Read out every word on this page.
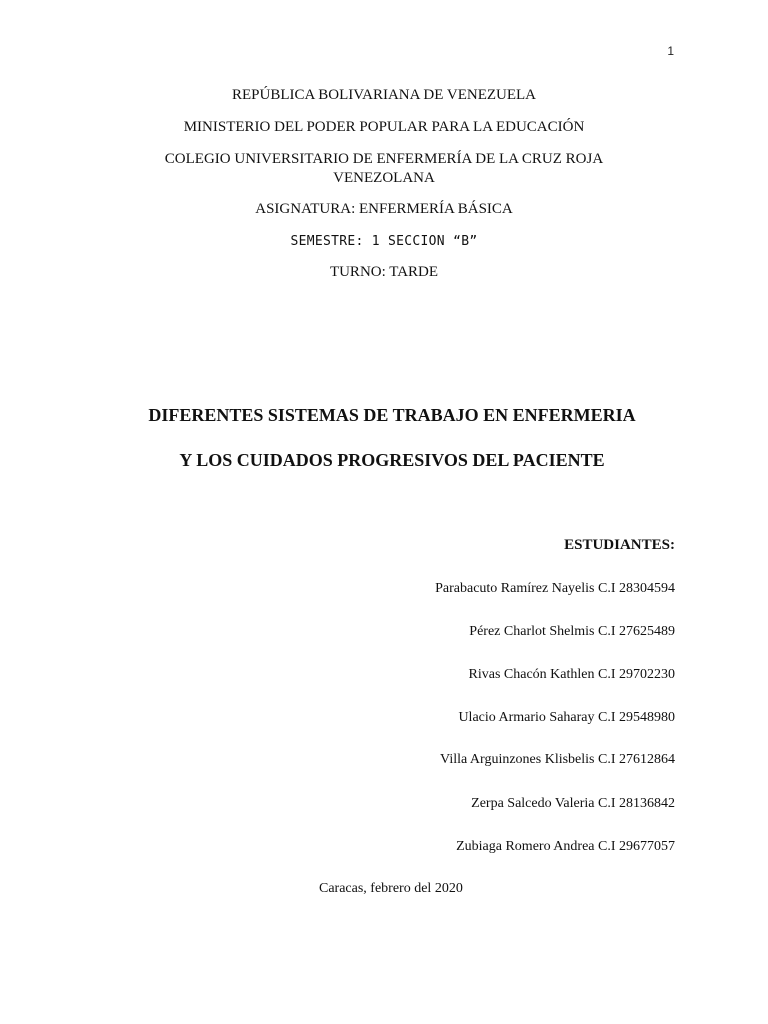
1
REPÚBLICA BOLIVARIANA DE VENEZUELA
MINISTERIO DEL PODER POPULAR PARA LA EDUCACIÓN
COLEGIO UNIVERSITARIO DE ENFERMERÍA DE LA CRUZ ROJA
VENEZOLANA
ASIGNATURA: ENFERMERÍA BÁSICA
SEMESTRE: 1 SECCION “B”
TURNO: TARDE
DIFERENTES SISTEMAS DE TRABAJO EN ENFERMERIA
Y LOS CUIDADOS PROGRESIVOS DEL PACIENTE
ESTUDIANTES:
Parabacuto Ramírez Nayelis C.I 28304594
Pérez Charlot Shelmis C.I 27625489
Rivas Chacón Kathlen C.I 29702230
Ulacio Armario Saharay C.I 29548980
Villa Arguinzones Klisbelis C.I 27612864
Zerpa Salcedo Valeria C.I 28136842
Zubiaga Romero Andrea C.I 29677057
Caracas, febrero del 2020
